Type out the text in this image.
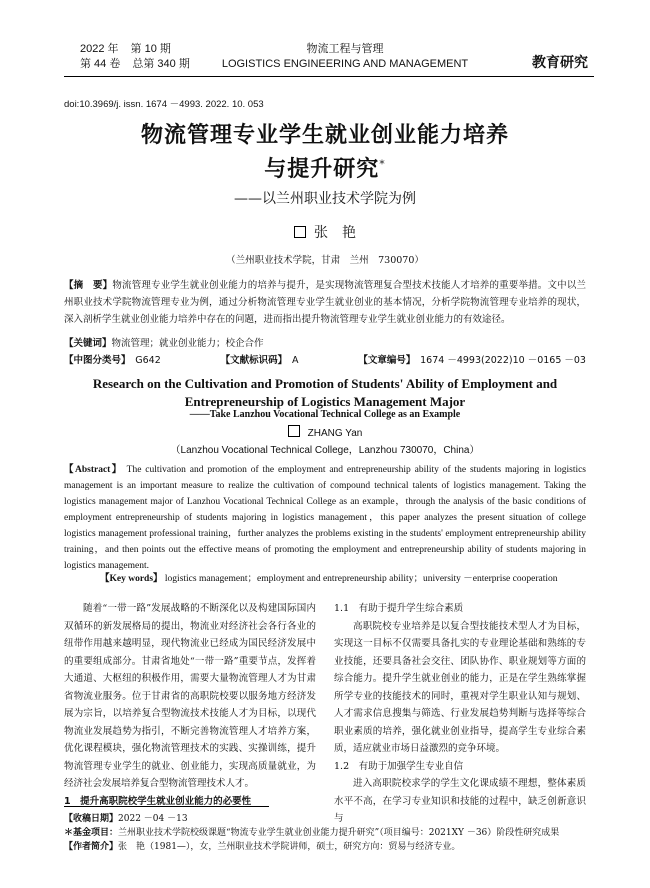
2022 年 第 10 期
第 44 卷 总第 340 期
物流工程与管理
LOGISTICS ENGINEERING AND MANAGEMENT	教育研究
doi:10.3969/j. issn. 1674 －4993. 2022. 10. 053
物流管理专业学生就业创业能力培养
与提升研究*
——以兰州职业技术学院为例
张　艳
（兰州职业技术学院，甘肃　兰州　730070）
【摘　要】物流管理专业学生就业创业能力的培养与提升，是实现物流管理复合型技术技能人才培养的重要举措。文中以兰州职业技术学院物流管理专业为例，通过分析物流管理专业学生就业创业的基本情况，分析学院物流管理专业培养的现状，深入剖析学生就业创业能力培养中存在的问题，进而指出提升物流管理专业学生就业创业能力的有效途径。
【关键词】物流管理；就业创业能力；校企合作
【中图分类号】　 G642	【文献标识码】　 A	【文章编号】　 1674 －4993(2022)10 －0165 －03
Research on the Cultivation and Promotion of Students' Ability of Employment and
Entrepreneurship of Logistics Management Major
——Take Lanzhou Vocational Technical College as an Example
ZHANG Yan
（Lanzhou Vocational Technical College，Lanzhou 730070，China）
【Abstract】 The cultivation and promotion of the employment and entrepreneurship ability of the students majoring in logistics management is an important measure to realize the cultivation of compound technical talents of logistics management. Taking the logistics management major of Lanzhou Vocational Technical College as an example，through the analysis of the basic conditions of employment entrepreneurship of students majoring in logistics management，this paper analyzes the present situation of college logistics management professional training，further analyzes the problems existing in the students' employment entrepreneurship ability training，and then points out the effective means of promoting the employment and entrepreneurship ability of students majoring in logistics management.
【Key words】 logistics management；employment and entrepreneurship ability；university －enterprise cooperation

随着“一带一路”发展战略的不断深化以及构建国际国内双循环的新发展格局的提出，物流业对经济社会各行各业的纽带作用越来越明显，现代物流业已经成为国民经济发展中的重要组成部分。甘肃省地处“一带一路”重要节点，发挥着大通道、大枢纽的积极作用，需要大量物流管理人才为甘肃省物流业服务。位于甘肃省的高职院校要以服务地方经济发展为宗旨，以培养复合型物流技术技能人才为目标，以现代物流业发展趋势为指引，不断完善物流管理人才培养方案，优化课程模块，强化物流管理技术的实践、实操训练，提升物流管理专业学生的就业、创业能力，实现高质量就业，为经济社会发展培养复合型物流管理技术人才。

1　提升高职院校学生就业创业能力的必要性
1.1　有助于提升学生综合素质

高职院校专业培养是以复合型技能技术型人才为目标，实现这一目标不仅需要具备扎实的专业理论基础和熟练的专业技能，还要具备社会交往、团队协作、职业规划等方面的综合能力。提升学生就业创业的能力，正是在学生熟练掌握所学专业的技能技术的同时，重视对学生职业认知与规划、人才需求信息搜集与筛选、行业发展趋势判断与选择等综合职业素质的培养，强化就业创业指导，提高学生专业综合素质，适应就业市场日益激烈的竞争环境。

1.2　有助于加强学生专业自信

进入高职院校求学的学生文化课成绩不理想，整体素质水平不高，在学习专业知识和技能的过程中，缺乏创新意识与

【收稿日期】2022 －04 －13
＊基金项目：兰州职业技术学院校级课题“物流专业学生就业创业能力提升研究”（项目编号：2021XY －36）阶段性研究成果
【作者简介】张　艳（1981—），女，兰州职业技术学院讲师，硕士，研究方向：贸易与经济专业。
